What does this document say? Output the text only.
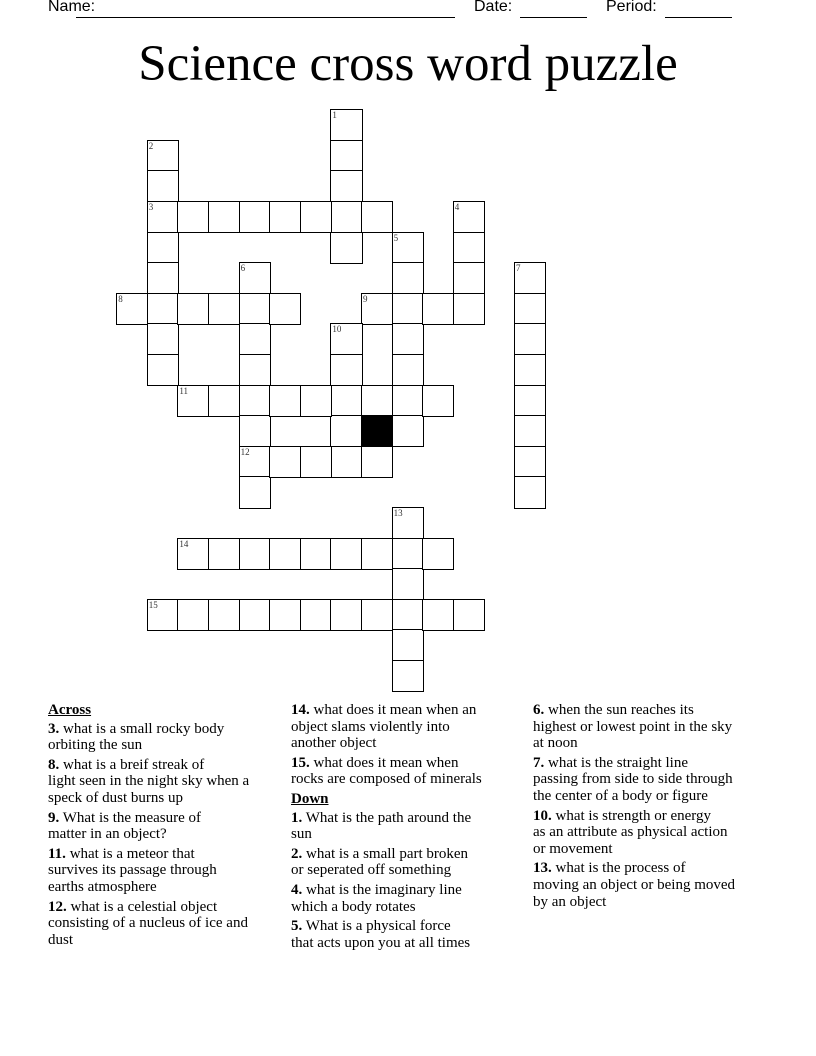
Name:	Date:	Period:
Science cross word puzzle
1
2
3	4
5
6
12
7
8	9
10
11
13
14
15
Across
3. what is a small rocky body
orbiting the sun
8. what is a breif streak of
light seen in the night sky when a
speck of dust burns up
9. What is the measure of
matter in an object?
11. what is a meteor that
survives its passage through
earths atmosphere
12. what is a celestial object
consisting of a nucleus of ice and
dust
14. what does it mean when an
object slams violently into
another object
15. what does it mean when
rocks are composed of minerals
Down
1. What is the path around the
sun
2. what is a small part broken
or seperated off something
4. what is the imaginary line
which a body rotates
5. What is a physical force
that acts upon you at all times
6. when the sun reaches its
highest or lowest point in the sky
at noon
7. what is the straight line
passing from side to side through
the center of a body or figure
10. what is strength or energy
as an attribute as physical action
or movement
13. what is the process of
moving an object or being moved
by an object
